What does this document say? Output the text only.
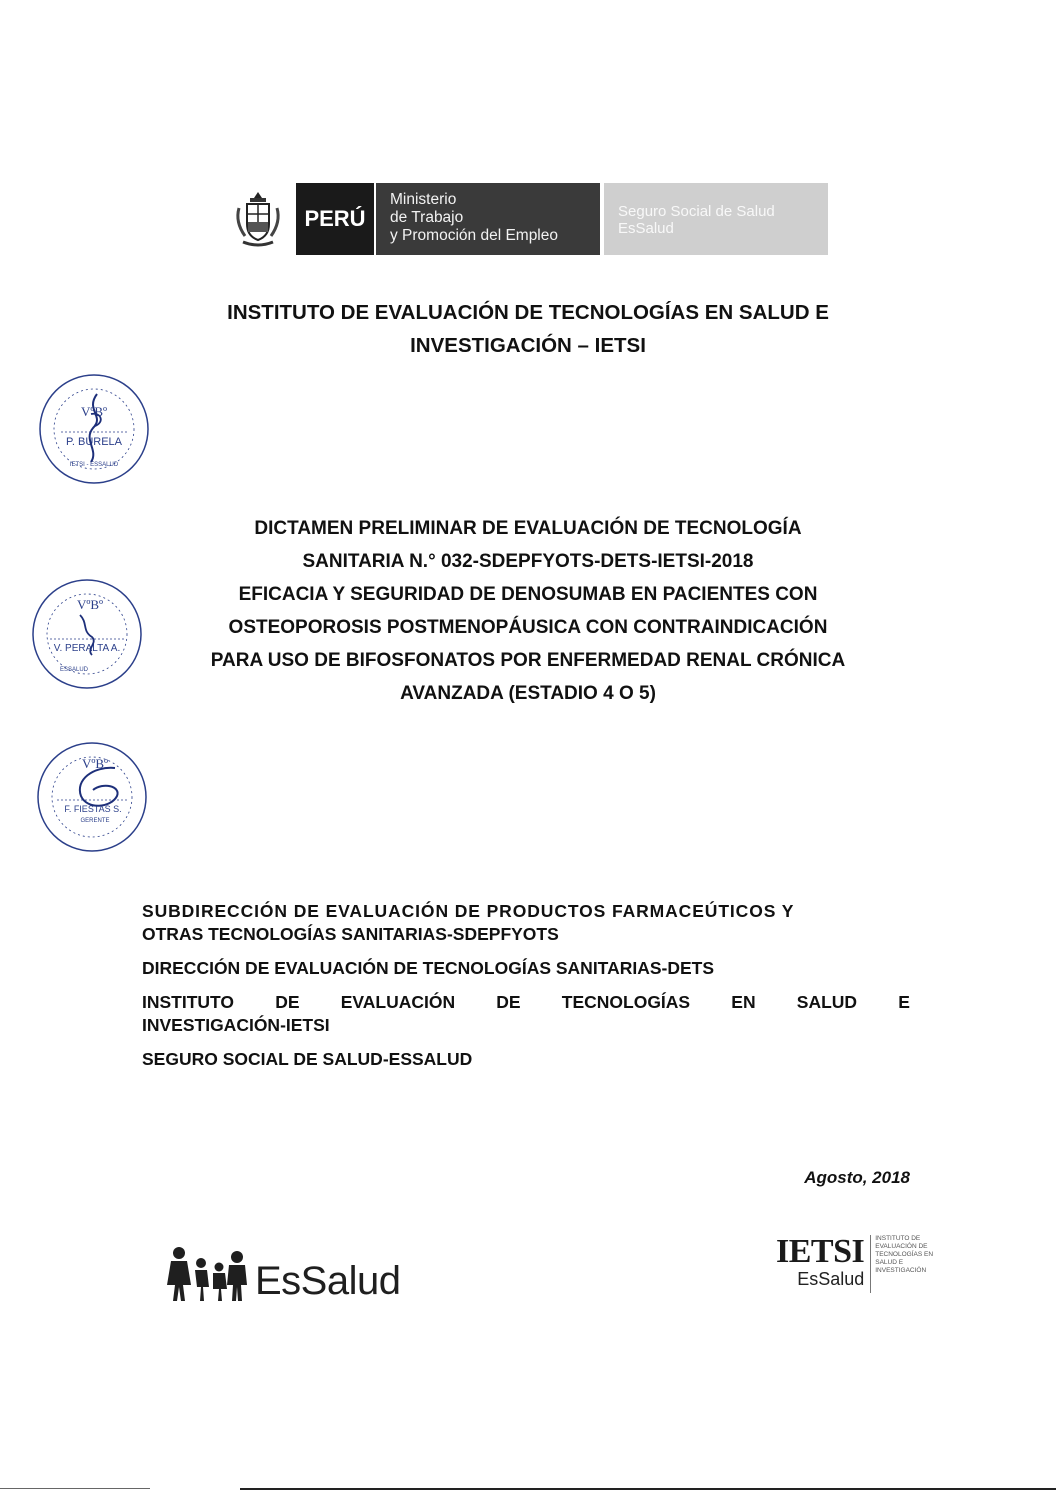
PERÚ
Ministerio
de Trabajo
y Promoción del Empleo
Seguro Social de Salud
EsSalud
INSTITUTO DE EVALUACIÓN DE TECNOLOGÍAS EN SALUD E
INVESTIGACIÓN – IETSI
VºBº
P. BURELA
IETSI - ESSALUD
DICTAMEN PRELIMINAR DE EVALUACIÓN DE TECNOLOGÍA
SANITARIA N.° 032-SDEPFYOTS-DETS-IETSI-2018
EFICACIA Y SEGURIDAD DE DENOSUMAB EN PACIENTES CON
OSTEOPOROSIS POSTMENOPÁUSICA CON CONTRAINDICACIÓN
PARA USO DE BIFOSFONATOS POR ENFERMEDAD RENAL CRÓNICA
AVANZADA (ESTADIO 4 O 5)
VºBº
V. PERALTA A.
ESSALUD
VºBº
F. FIESTAS S.
GERENTE
SUBDIRECCIÓN DE EVALUACIÓN DE PRODUCTOS FARMACEÚTICOS Y
OTRAS TECNOLOGÍAS SANITARIAS-SDEPFYOTS
DIRECCIÓN DE EVALUACIÓN DE TECNOLOGÍAS SANITARIAS-DETS
INSTITUTO DE EVALUACIÓN DE TECNOLOGÍAS EN SALUD E
INVESTIGACIÓN-IETSI
SEGURO SOCIAL DE SALUD-ESSALUD
Agosto, 2018
EsSalud
IETSI
EsSalud
INSTITUTO DE
EVALUACIÓN DE
TECNOLOGÍAS EN
SALUD E
INVESTIGACIÓN
